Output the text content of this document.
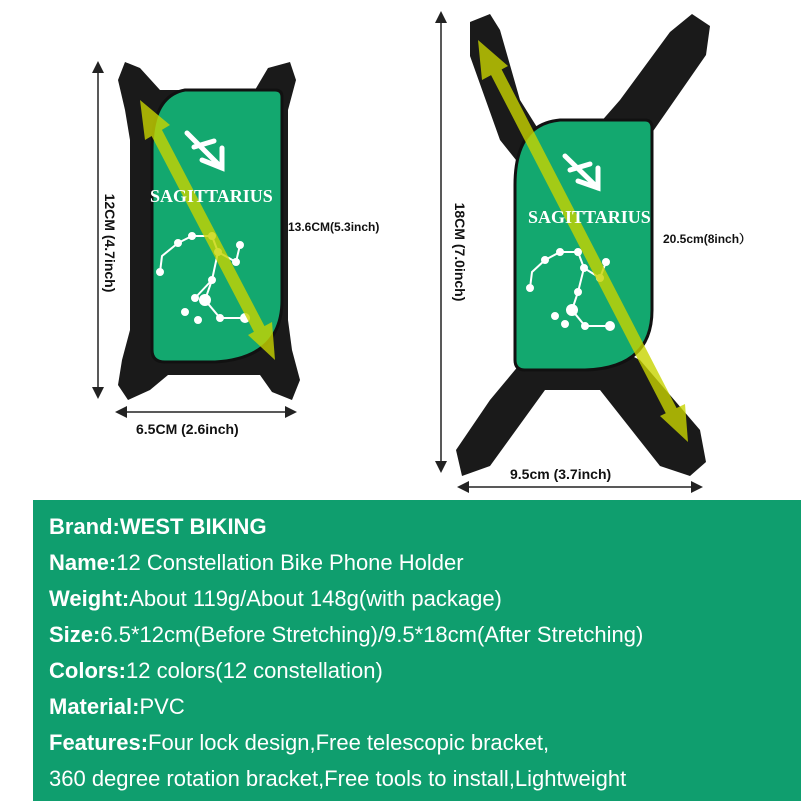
SAGITTARIUS
12CM (4.7inch)
6.5CM (2.6inch)
13.6CM(5.3inch)	SAGITTARIUS
18CM (7.0inch)
9.5cm (3.7inch)
20.5cm(8inch）
Brand:WEST BIKING
Name:12 Constellation Bike Phone Holder
Weight:About 119g/About 148g(with package)
Size:6.5*12cm(Before Stretching)/9.5*18cm(After Stretching)
Colors:12 colors(12 constellation)
Material:PVC
Features:Four lock design,Free telescopic bracket,
360 degree rotation bracket,Free tools to install,Lightweight
